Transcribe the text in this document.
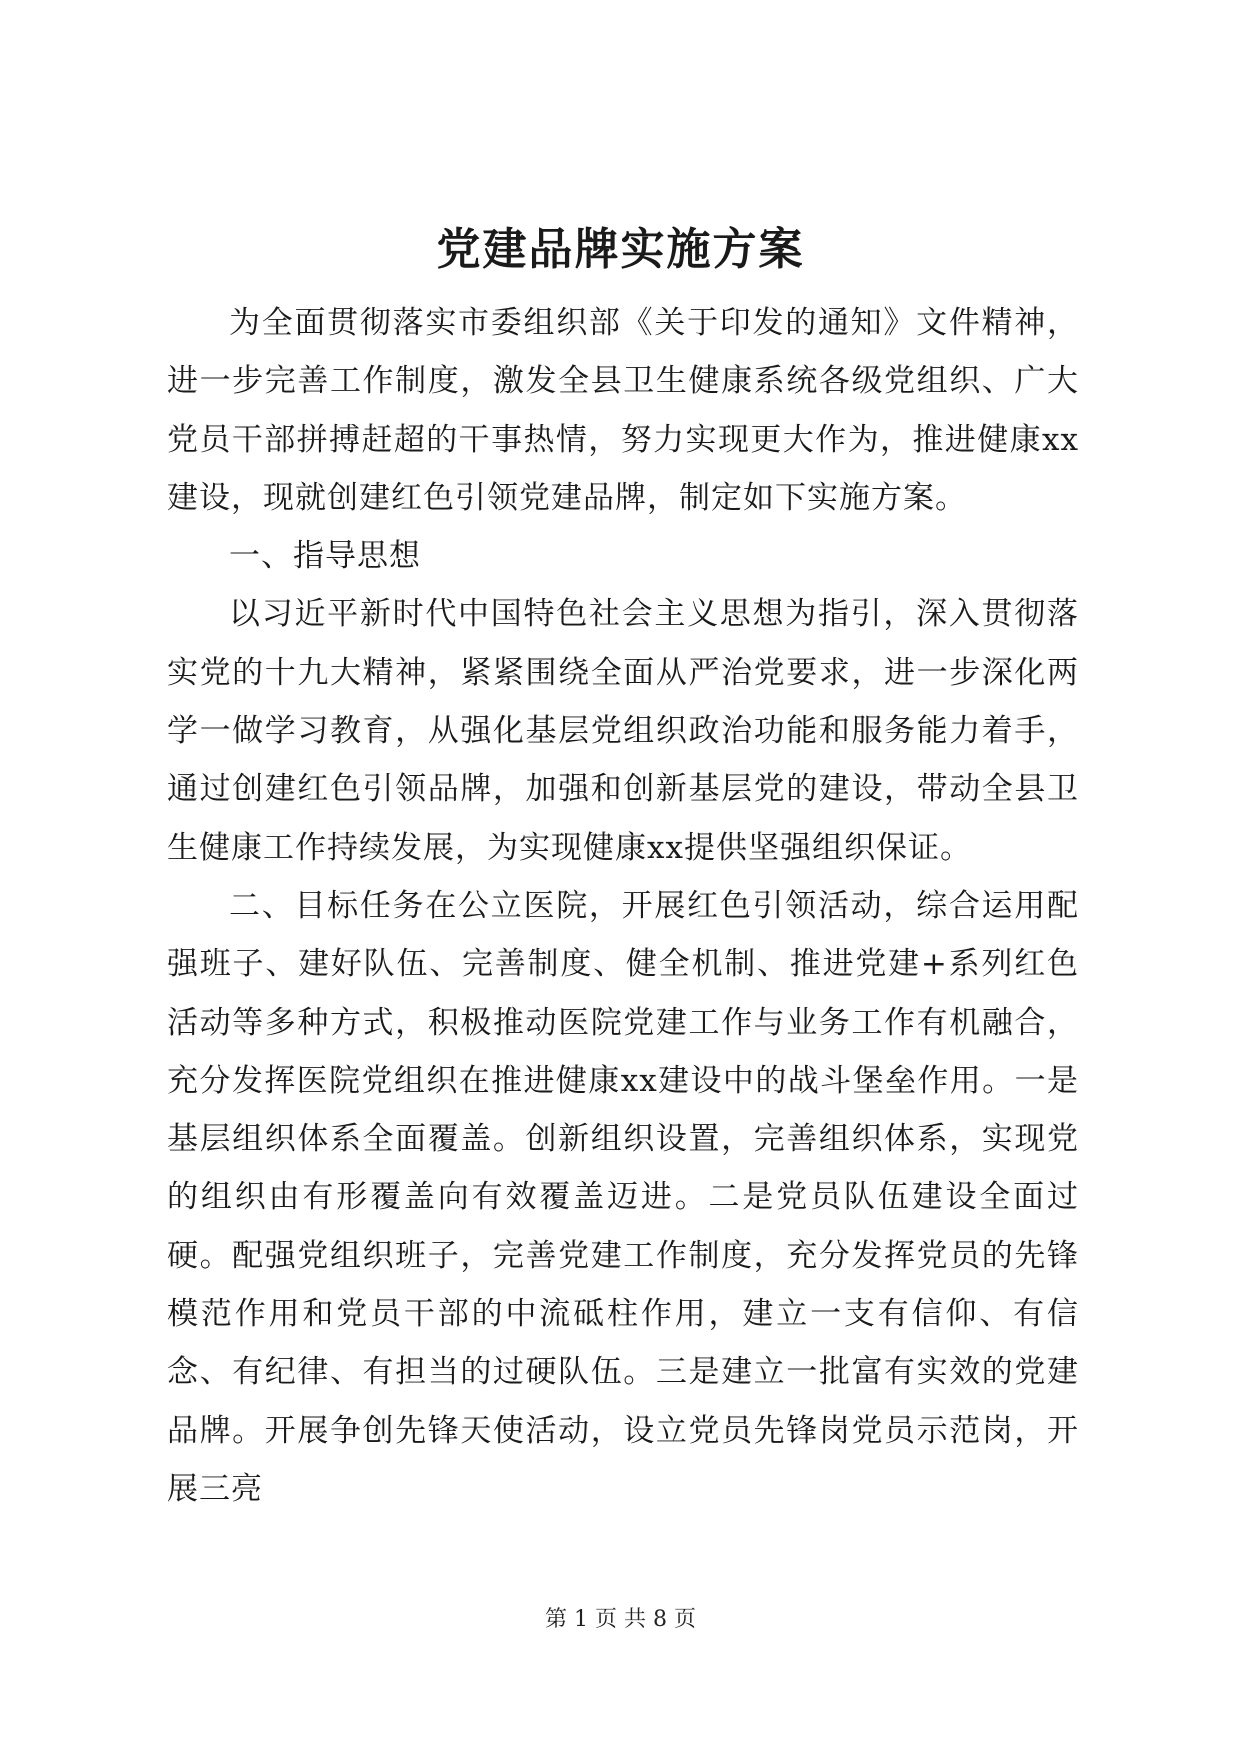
党建品牌实施方案

为全面贯彻落实市委组织部《关于印发的通知》文件精神，进一步完善工作制度，激发全县卫生健康系统各级党组织、广大党员干部拼搏赶超的干事热情，努力实现更大作为，推进健康xx建设，现就创建红色引领党建品牌，制定如下实施方案。

一、指导思想

以习近平新时代中国特色社会主义思想为指引，深入贯彻落实党的十九大精神，紧紧围绕全面从严治党要求，进一步深化两学一做学习教育，从强化基层党组织政治功能和服务能力着手，通过创建红色引领品牌，加强和创新基层党的建设，带动全县卫生健康工作持续发展，为实现健康xx提供坚强组织保证。

二、目标任务在公立医院，开展红色引领活动，综合运用配强班子、建好队伍、完善制度、健全机制、推进党建+系列红色活动等多种方式，积极推动医院党建工作与业务工作有机融合，充分发挥医院党组织在推进健康xx建设中的战斗堡垒作用。一是基层组织体系全面覆盖。创新组织设置，完善组织体系，实现党的组织由有形覆盖向有效覆盖迈进。二是党员队伍建设全面过硬。配强党组织班子，完善党建工作制度，充分发挥党员的先锋模范作用和党员干部的中流砥柱作用，建立一支有信仰、有信念、有纪律、有担当的过硬队伍。三是建立一批富有实效的党建品牌。开展争创先锋天使活动，设立党员先锋岗党员示范岗，开展三亮

第 1 页 共 8 页
